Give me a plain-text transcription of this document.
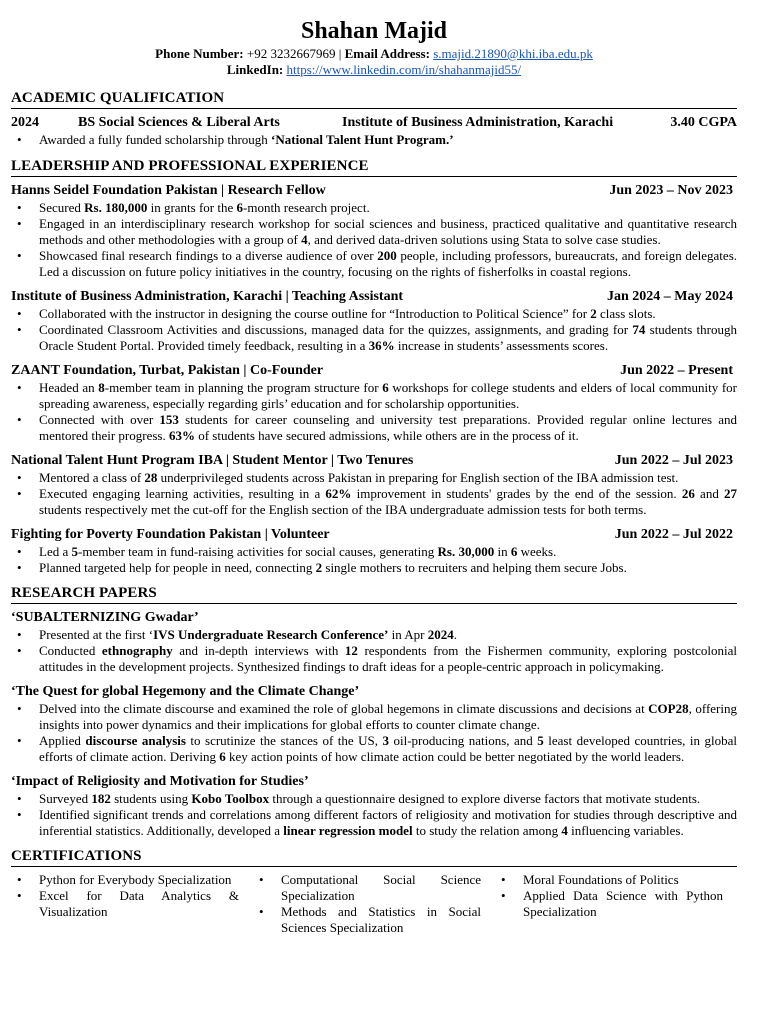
Shahan Majid
Phone Number: +92 3232667969 | Email Address: s.majid.21890@khi.iba.edu.pk
LinkedIn: https://www.linkedin.com/in/shahanmajid55/
ACADEMIC QUALIFICATION
2024	BS Social Sciences & Liberal Arts	Institute of Business Administration, Karachi	3.40 CGPA
• Awarded a fully funded scholarship through ‘National Talent Hunt Program.’
LEADERSHIP AND PROFESSIONAL EXPERIENCE
Hanns Seidel Foundation Pakistan | Research Fellow	Jun 2023 – Nov 2023
• Secured Rs. 180,000 in grants for the 6-month research project.
• Engaged in an interdisciplinary research workshop for social sciences and business, practiced qualitative and quantitative research methods and other methodologies with a group of 4, and derived data-driven solutions using Stata to solve case studies.
• Showcased final research findings to a diverse audience of over 200 people, including professors, bureaucrats, and foreign delegates. Led a discussion on future policy initiatives in the country, focusing on the rights of fisherfolks in coastal regions.
Institute of Business Administration, Karachi | Teaching Assistant	Jan 2024 – May 2024
• Collaborated with the instructor in designing the course outline for “Introduction to Political Science” for 2 class slots.
• Coordinated Classroom Activities and discussions, managed data for the quizzes, assignments, and grading for 74 students through Oracle Student Portal. Provided timely feedback, resulting in a 36% increase in students’ assessments scores.
ZAANT Foundation, Turbat, Pakistan | Co-Founder	Jun 2022 – Present
• Headed an 8-member team in planning the program structure for 6 workshops for college students and elders of local community for spreading awareness, especially regarding girls’ education and for scholarship opportunities.
• Connected with over 153 students for career counseling and university test preparations. Provided regular online lectures and mentored their progress. 63% of students have secured admissions, while others are in the process of it.
National Talent Hunt Program IBA | Student Mentor | Two Tenures	Jun 2022 – Jul 2023
• Mentored a class of 28 underprivileged students across Pakistan in preparing for English section of the IBA admission test.
• Executed engaging learning activities, resulting in a 62% improvement in students' grades by the end of the session. 26 and 27 students respectively met the cut-off for the English section of the IBA undergraduate admission tests for both terms.
Fighting for Poverty Foundation Pakistan | Volunteer	Jun 2022 – Jul 2022
• Led a 5-member team in fund-raising activities for social causes, generating Rs. 30,000 in 6 weeks.
• Planned targeted help for people in need, connecting 2 single mothers to recruiters and helping them secure Jobs.
RESEARCH PAPERS
‘SUBALTERNIZING Gwadar’
• Presented at the first ‘IVS Undergraduate Research Conference’ in Apr 2024.
• Conducted ethnography and in-depth interviews with 12 respondents from the Fishermen community, exploring postcolonial attitudes in the development projects. Synthesized findings to draft ideas for a people-centric approach in policymaking.
‘The Quest for global Hegemony and the Climate Change’
• Delved into the climate discourse and examined the role of global hegemons in climate discussions and decisions at COP28, offering insights into power dynamics and their implications for global efforts to counter climate change.
• Applied discourse analysis to scrutinize the stances of the US, 3 oil-producing nations, and 5 least developed countries, in global efforts of climate action. Deriving 6 key action points of how climate action could be better negotiated by the world leaders.
‘Impact of Religiosity and Motivation for Studies’
• Surveyed 182 students using Kobo Toolbox through a questionnaire designed to explore diverse factors that motivate students.
• Identified significant trends and correlations among different factors of religiosity and motivation for studies through descriptive and inferential statistics. Additionally, developed a linear regression model to study the relation among 4 influencing variables.
CERTIFICATIONS
• Python for Everybody Specialization
• Excel for Data Analytics & Visualization
• Computational Social Science Specialization
• Methods and Statistics in Social Sciences Specialization
• Moral Foundations of Politics
• Applied Data Science with Python Specialization
